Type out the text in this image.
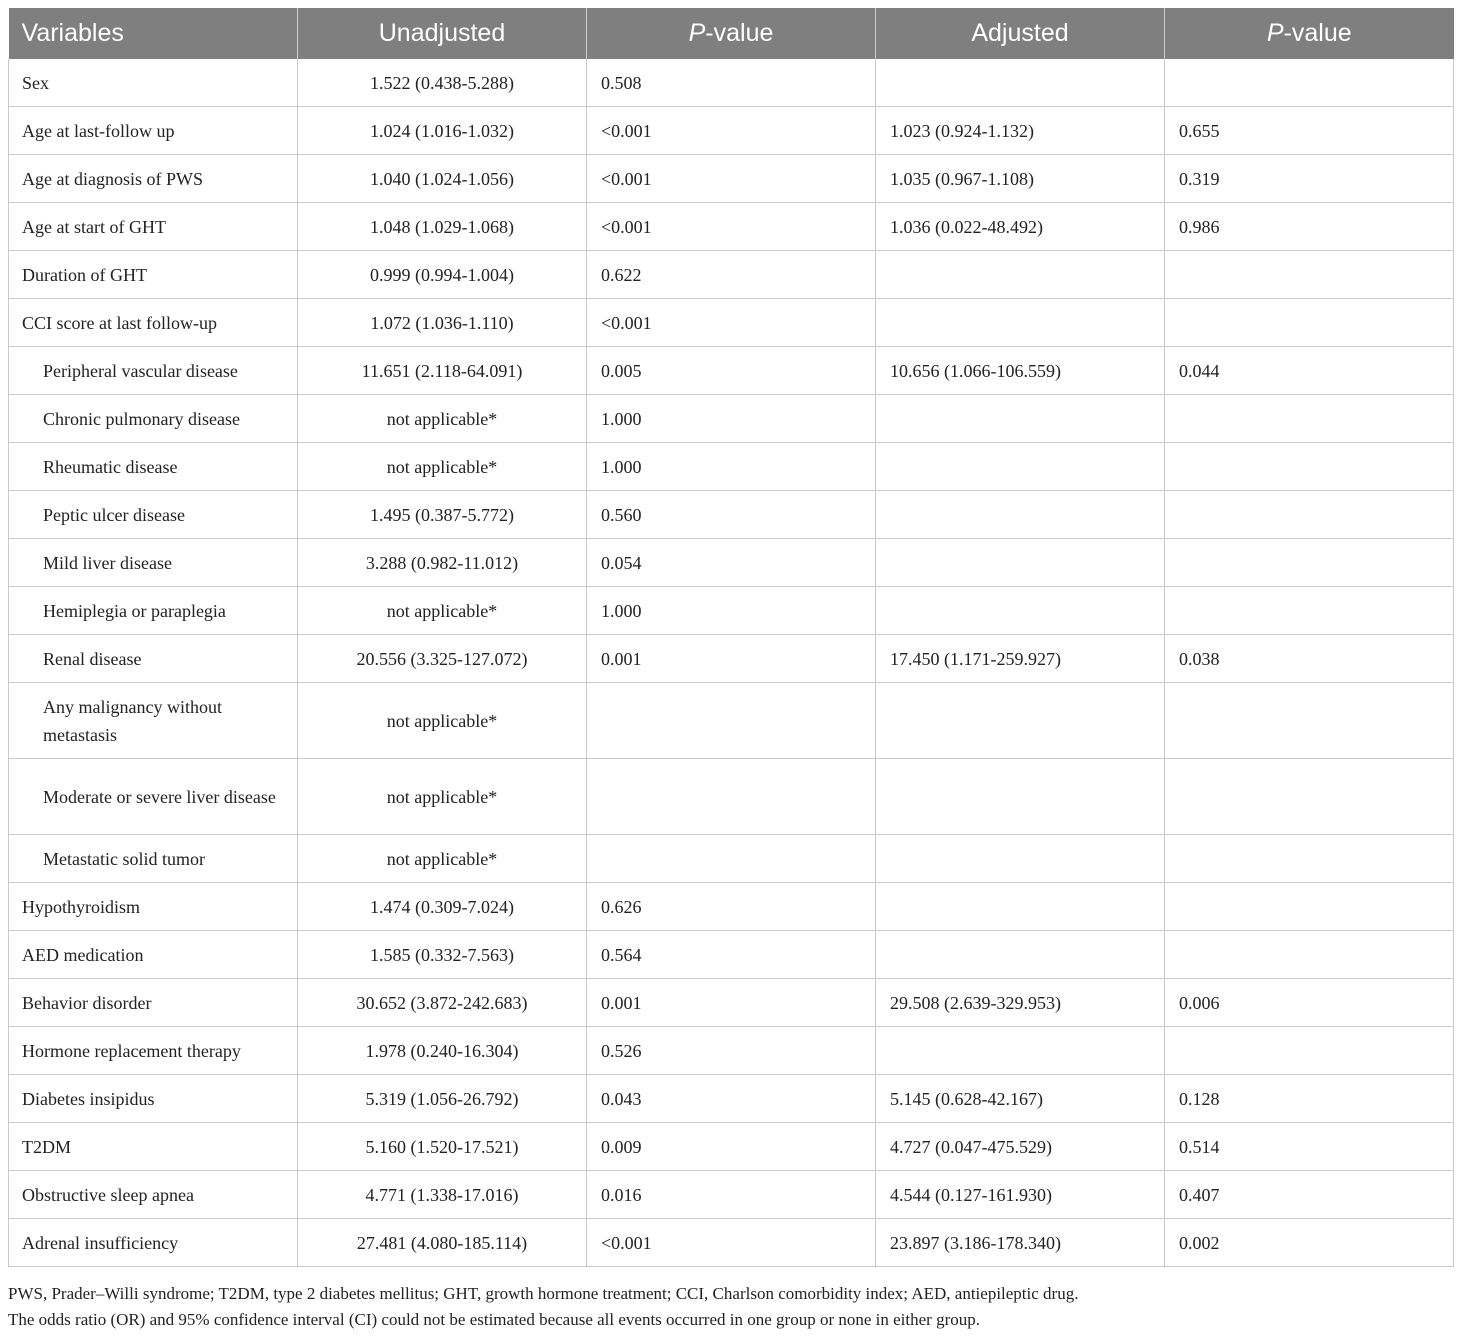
Variables	Unadjusted	P-value	Adjusted	P-value
Sex	1.522 (0.438-5.288)	0.508		
Age at last-follow up	1.024 (1.016-1.032)	<0.001	1.023 (0.924-1.132)	0.655
Age at diagnosis of PWS	1.040 (1.024-1.056)	<0.001	1.035 (0.967-1.108)	0.319
Age at start of GHT	1.048 (1.029-1.068)	<0.001	1.036 (0.022-48.492)	0.986
Duration of GHT	0.999 (0.994-1.004)	0.622		
CCI score at last follow-up	1.072 (1.036-1.110)	<0.001		
Peripheral vascular disease	11.651 (2.118-64.091)	0.005	10.656 (1.066-106.559)	0.044
Chronic pulmonary disease	not applicable*	1.000		
Rheumatic disease	not applicable*	1.000		
Peptic ulcer disease	1.495 (0.387-5.772)	0.560		
Mild liver disease	3.288 (0.982-11.012)	0.054		
Hemiplegia or paraplegia	not applicable*	1.000		
Renal disease	20.556 (3.325-127.072)	0.001	17.450 (1.171-259.927)	0.038
Any malignancy without metastasis	not applicable*			
Moderate or severe liver disease	not applicable*			
Metastatic solid tumor	not applicable*			
Hypothyroidism	1.474 (0.309-7.024)	0.626		
AED medication	1.585 (0.332-7.563)	0.564		
Behavior disorder	30.652 (3.872-242.683)	0.001	29.508 (2.639-329.953)	0.006
Hormone replacement therapy	1.978 (0.240-16.304)	0.526		
Diabetes insipidus	5.319 (1.056-26.792)	0.043	5.145 (0.628-42.167)	0.128
T2DM	5.160 (1.520-17.521)	0.009	4.727 (0.047-475.529)	0.514
Obstructive sleep apnea	4.771 (1.338-17.016)	0.016	4.544 (0.127-161.930)	0.407
Adrenal insufficiency	27.481 (4.080-185.114)	<0.001	23.897 (3.186-178.340)	0.002
PWS, Prader–Willi syndrome; T2DM, type 2 diabetes mellitus; GHT, growth hormone treatment; CCI, Charlson comorbidity index; AED, antiepileptic drug.
The odds ratio (OR) and 95% confidence interval (CI) could not be estimated because all events occurred in one group or none in either group.
